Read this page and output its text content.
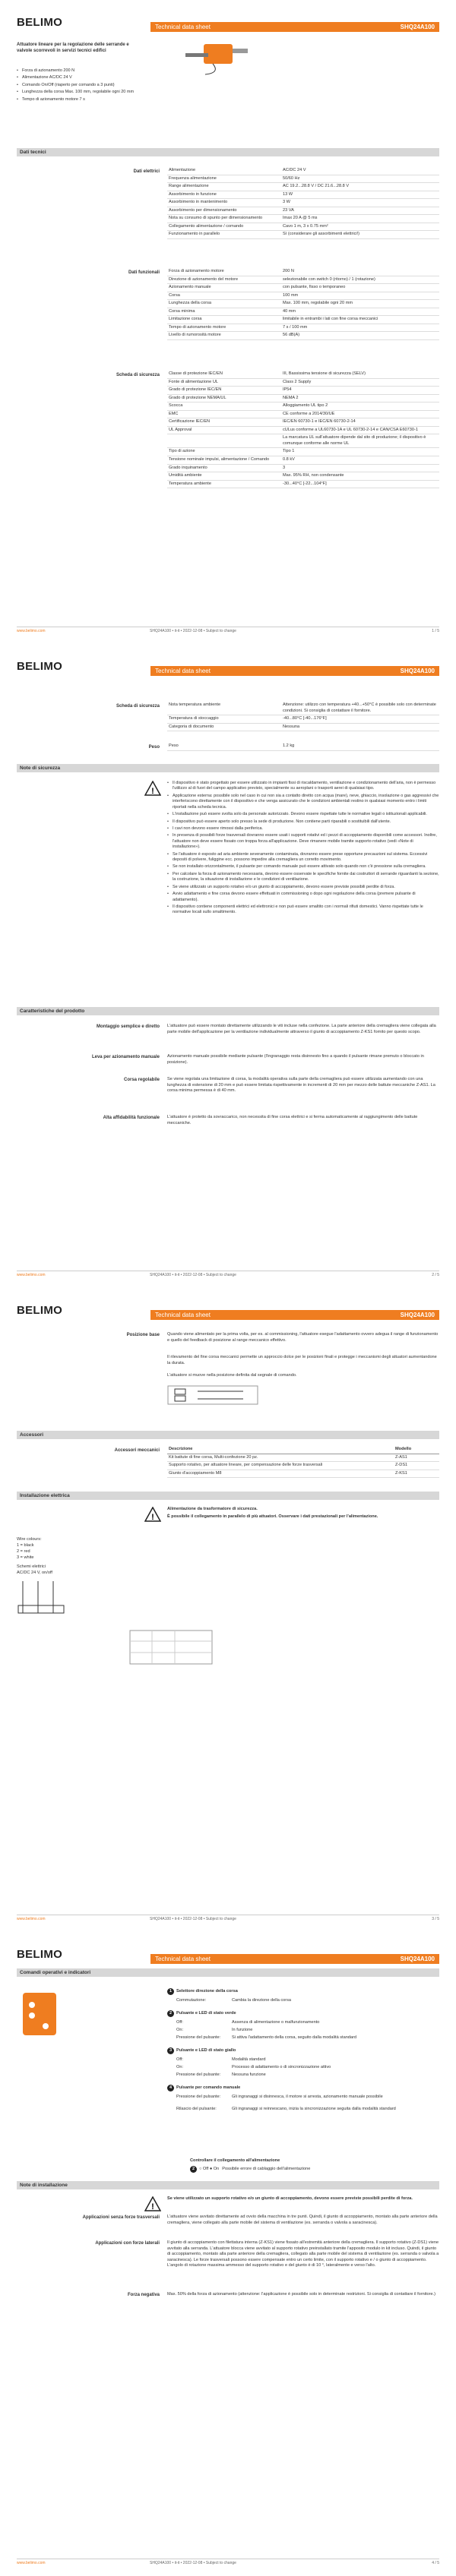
BELIMO	Technical data sheet	SHQ24A100
Attuatore lineare per la regolazione delle serrande e valvole scorrevoli in servizi tecnici edifici
• Forza di azionamento 200 N
• Alimentazione AC/DC 24 V
• Comando On/Off (riaperto per comando a 3 punti)
• Lunghezza della corsa Max. 100 mm, regolabile ogni 20 mm
• Tempo di azionamento motore 7 s
Dati tecnici
Dati elettrici Alimentazione	AC/DC 24 V
Frequenza alimentazione	50/60 Hz
Range alimentazione	AC 19.2...28.8 V / DC 21.6...28.8 V
Assorbimento in funzione	13 W
Assorbimento in mantenimento	3 W
Assorbimento per dimensionamento	23 VA
Nota su consumo di spunto per dimensionamento	Imax 20 A @ 5 ms
Collegamento alimentazione / comando	Cavo 1 m, 3 x 0.75 mm²
Funzionamento in parallelo	Sì (considerare gli assorbimenti elettrici!)
Dati funzionali Forza di azionamento motore	200 N
Direzione di azionamento del motore	selezionabile con switch 0 (ritorno) / 1 (rotazione)
Azionamento manuale	con pulsante, fisso o temporaneo
Corsa	100 mm
Lunghezza della corsa	Max. 100 mm, regolabile ogni 20 mm
Corsa minima	40 mm
Limitazione corsa	limitabile in entrambi i lati con fine corsa meccanici
Tempo di azionamento motore	7 s / 100 mm
Livello di rumorosità motore	56 dB(A)
Scheda di sicurezza Classe di protezione IEC/EN	III, Bassissima tensione di sicurezza (SELV)
Fonte di alimentazione UL	Class 2 Supply
Grado di protezione IEC/EN	IP54
Grado di protezione NEMA/UL	NEMA 2
Scocca	Alloggiamento UL tipo 2
EMC	CE conforme a 2014/30/UE
Certificazione IEC/EN	IEC/EN 60730-1 e IEC/EN 60730-2-14
UL Approval	cULus conforme a UL60730-1A e UL 60730-2-14 e CAN/CSA E60730-1
	La marcatura UL sull'attuatore dipende dal sito di produzione; il dispositivo è comunque conforme alle norme UL
Tipo di azione	Tipo 1
Tensione nominale impulsi, alimentazione / Comando	0.8 kV
Grado inquinamento	3
Umidità ambiente	Max. 95% RH, non condensante
Temperatura ambiente	-30...40°C [-22...104°F]
www.belimo.com	SHQ24A100 • it-it • 2022-12-08 • Subject to change	1 / 5
BELIMO	Technical data sheet	SHQ24A100
Scheda di sicurezza Nota temperatura ambiente	Attenzione: utilizzo con temperatura +40...+50°C è possibile solo con determinate condizioni. Si consiglia di contattare il fornitore.
Temperatura di stoccaggio	-40...80°C [-40...176°F]
Categoria di documento	Nessuna
Peso Peso	1.2 kg
Note di sicurezza
!
• Il dispositivo è stato progettato per essere utilizzato in impianti fissi di riscaldamento, ventilazione e condizionamento dell'aria, non è permesso l'utilizzo al di fuori del campo applicativo previsto, specialmente su aeroplani o trasporti aerei di qualsiasi tipo.
• Applicazione esterna: possibile solo nel caso in cui non sia a contatto diretto con acqua (mare), neve, ghiaccio, insolazione o gas aggressivi che interferiscono direttamente con il dispositivo e che venga assicurato che le condizioni ambientali restino in qualsiasi momento entro i limiti riportati nella scheda tecnica.
• L'installazione può essere svolta solo da personale autorizzato. Devono essere rispettate tutte le normative legali o istituzionali applicabili.
• Il dispositivo può essere aperto solo presso la sede di produzione. Non contiene parti riparabili o sostituibili dall'utente.
• I cavi non devono essere rimossi dalla periferica.
• In presenza di possibili forze trasversali dovranno essere usati i supporti rotativi ed i pezzi di accoppiamento disponibili come accessori. Inoltre, l'attuatore non deve essere fissato con troppa forza all'applicazione. Deve rimanere mobile tramite supporto rotativo (vedi «Note di installazione»).
• Se l'attuatore è esposto ad aria ambiente severamente contaminata, dovranno essere prese opportune precauzioni sul sistema. Eccessivi depositi di polvere, fuliggine ecc. possono impedire alla cremagliera un corretto movimento.
• Se non installato orizzontalmente, il pulsante per comando manuale può essere attivato solo quando non c'è pressione sulla cremagliera.
• Per calcolare la forza di azionamento necessaria, devono essere osservate le specifiche fornite dai costruttori di serrande riguardanti la sezione, la costruzione, la situazione di installazione e le condizioni di ventilazione.
• Se viene utilizzato un supporto rotativo e/o un giunto di accoppiamento, devono essere previste possibili perdite di forza.
• Avvio adattamento e fine corsa devono essere effettuati in commissioning o dopo ogni regolazione della corsa (premere pulsante di adattamento).
• Il dispositivo contiene componenti elettrici ed elettronici e non può essere smaltito con i normali rifiuti domestici. Vanno rispettate tutte le normative locali sullo smaltimento.
Caratteristiche del prodotto
Montaggio semplice e diretto L'attuatore può essere montato direttamente utilizzando le viti incluse nella confezione. La parte anteriore della cremagliera viene collegata alla parte mobile dell'applicazione per la ventilazione individualmente attraverso il giunto di accoppiamento Z-KS1 fornito per questo scopo.
Leva per azionamento manuale Azionamento manuale possibile mediante pulsante (l'ingranaggio resta disinnesto fino a quando il pulsante rimane premuto o bloccato in posizione).
Corsa regolabile Se viene regolata una limitazione di corsa, la modalità operativa sulla parte della cremagliera può essere utilizzata aumentando con una lunghezza di estensione di 20 mm e può essere limitata rispettivamente in incrementi di 20 mm per mezzo delle battute meccaniche Z-AS1. La corsa minima permessa è di 40 mm.
Alta affidabilità funzionale L'attuatore è protetto da sovraccarico, non necessita di fine corsa elettrici e si ferma automaticamente al raggiungimento delle battute meccaniche.
www.belimo.com	SHQ24A100 • it-it • 2022-12-08 • Subject to change	2 / 5
BELIMO	Technical data sheet	SHQ24A100
Posizione base Quando viene alimentato per la prima volta, per es. al commissioning, l'attuatore esegue l'adattamento ovvero adegua il range di funzionamento e quello del feedback di posizione al range meccanico effettivo.
Il rilevamento del fine corsa meccanici permette un approccio dolce per le posizioni finali e protegge i meccanismi degli attuatori aumentandone la durata.
L'attuatore si muove nella posizione definita dal segnale di comando.
Accessori
Accessori meccanici Descrizione	Modello
Kit battute di fine corsa, Multi-confezione 20 pz.	Z-AS1
Supporto rotativo, per attuatore lineare, per compensazione delle forze trasversali	Z-DS1
Giunto d'accoppiamento M8	Z-KS1
Installazione elettrica
!
Alimentazione da trasformatore di sicurezza.
È possibile il collegamento in parallelo di più attuatori. Osservare i dati prestazionali per l'alimentazione.
Wire colours:
1 = black
2 = red
3 = white
Schemi elettrici
AC/DC 24 V, on/off
www.belimo.com	SHQ24A100 • it-it • 2022-12-08 • Subject to change	3 / 5
BELIMO	Technical data sheet	SHQ24A100
Comandi operativi e indicatori
1 Selettore direzione della corsa
Commutazione:	Cambia la direzione della corsa
2 Pulsante e LED di stato verde
Off:	Assenza di alimentazione o malfunzionamento
On:	In funzione
Pressione del pulsante:	Si attiva l'adattamento della corsa, seguito dalla modalità standard
3 Pulsante e LED di stato giallo
Off:	Modalità standard
On:	Processo di adattamento o di sincronizzazione attivo
Pressione del pulsante:	Nessuna funzione
4 Pulsante per comando manuale
Pressione del pulsante:	Gli ingranaggi si disinnesca, il motore si arresta, azionamento manuale possibile
Rilascio del pulsante:	Gli ingranaggi si reinnescano, inizia la sincronizzazione seguita dalla modalità standard
Controllare il collegamento all'alimentazione
2 ○ Off ● On Possibile errore di cablaggio dell'alimentazione
Note di installazione
!
Se viene utilizzato un supporto rotativo e/o un giunto di accoppiamento, devono essere previste possibili perdite di forza.
Applicazioni senza forze trasversali L'attuatore viene avvitato direttamente ad ovvio della macchina in tre punti. Quindi, il giunto di accoppiamento, montato alla parte anteriore della cremagliera, viene collegato alla parte mobile del sistema di ventilazione (es. serranda o valvola a saracinesca).
Applicazioni con forze laterali Il giunto di accoppiamento con filettatura interna (Z-KS1) viene fissato all'estremità anteriore della cremagliera. Il supporto rotativo (Z-DS1) viene avvitato alla serranda. L'attuatore blocca viene avvitato al supporto rotativo preinstallato tramite l'apposito modulo in kit incluso. Quindi, il giunto di accoppiamento, montato alla parte anteriore della cremagliera, collegato alla parte mobile del sistema di ventilazione (es. serranda o valvola a saracinesca). Le forze trasversali possono essere compensate entro un certo limite, con il supporto rotativo e / o giunto di accoppiamento. L'angolo di rotazione massima ammesso del supporto rotativo e del giunto è di 10 °, lateralmente e verso l'alto.
Forza negativa Max. 50% della forza di azionamento (attenzione: l'applicazione è possibile solo in determinate restrizioni. Si consiglia di contattare il fornitore.)
www.belimo.com	SHQ24A100 • it-it • 2022-12-08 • Subject to change	4 / 5
